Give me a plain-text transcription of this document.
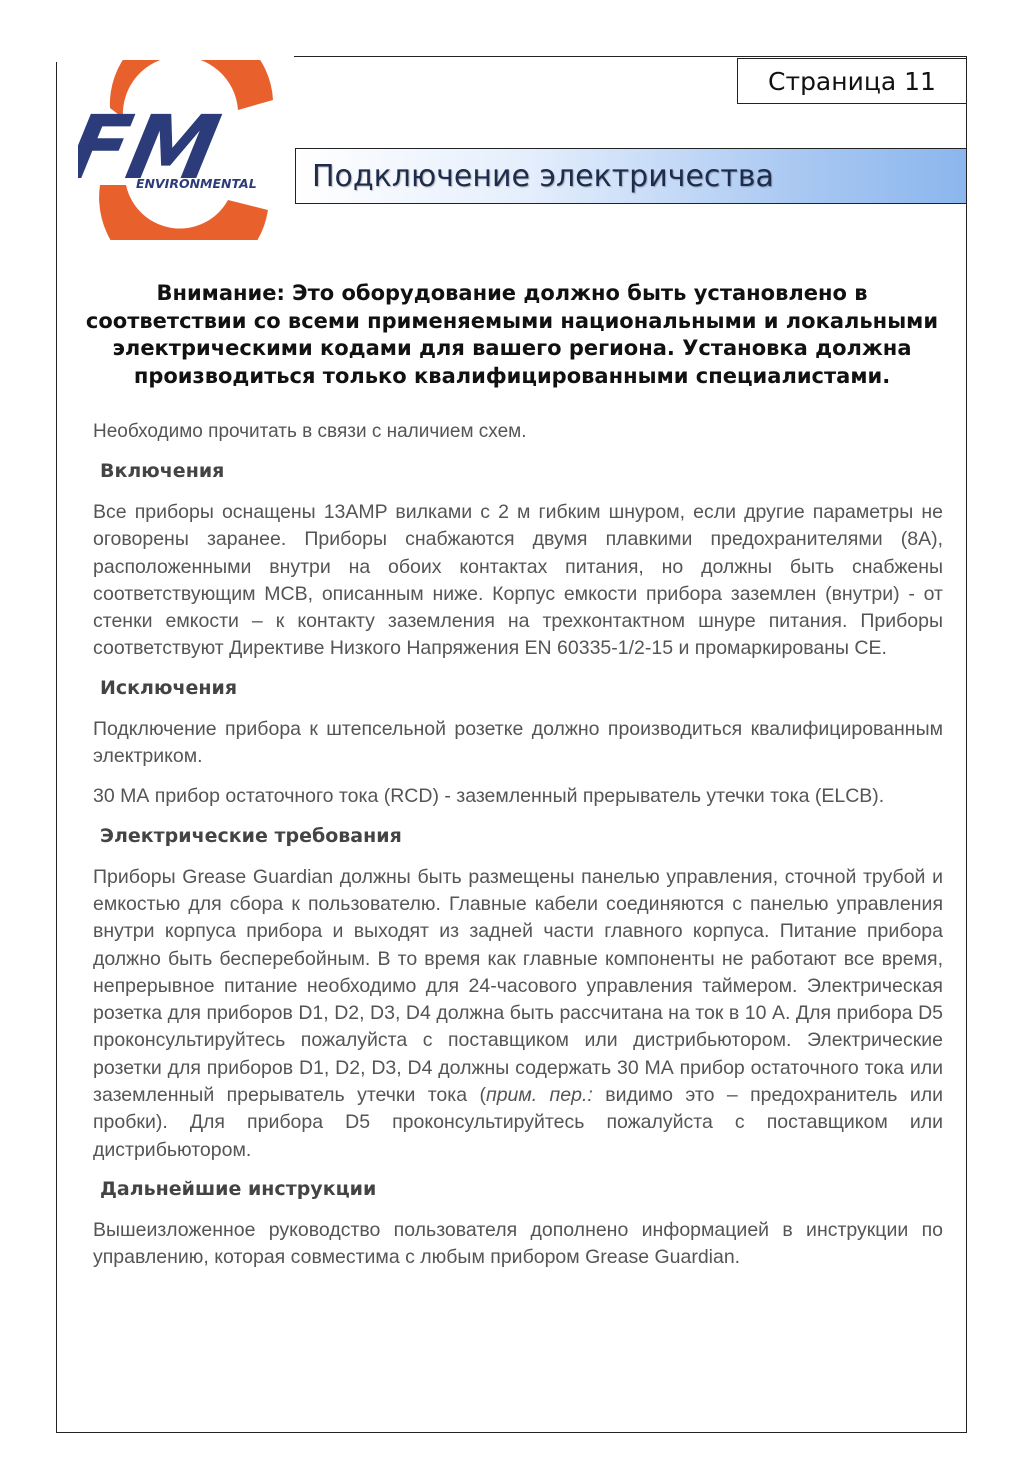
FM
ENVIRONMENTAL
Страница 11
Подключение электричества
Внимание: Это оборудование должно быть установлено в соответствии со всеми применяемыми национальными и локальными электрическими кодами для вашего региона. Установка должна производиться только квалифицированными специалистами.

Необходимо прочитать в связи с наличием схем.

Включения

Все приборы оснащены 13AMP вилками с 2 м гибким шнуром, если другие параметры не оговорены заранее. Приборы снабжаются двумя плавкими предохранителями (8А), расположенными внутри на обоих контактах питания, но должны быть снабжены соответствующим MCB, описанным ниже. Корпус емкости прибора заземлен (внутри) - от стенки емкости – к контакту заземления на трехконтактном шнуре питания. Приборы соответствуют Директиве Низкого Напряжения EN 60335-1/2-15 и промаркированы СЕ.

Исключения

Подключение прибора к штепсельной розетке должно производиться квалифицированным электриком.

30 МА прибор остаточного тока (RCD) - заземленный прерыватель утечки тока (ELCB).

Электрические требования

Приборы Grease Guardian должны быть размещены панелью управления, сточной трубой и емкостью для сбора к пользователю. Главные кабели соединяются с панелью управления внутри корпуса прибора и выходят из задней части главного корпуса. Питание прибора должно быть бесперебойным. В то время как главные компоненты не работают все время, непрерывное питание необходимо для 24-часового управления таймером. Электрическая розетка для приборов D1, D2, D3, D4 должна быть рассчитана на ток в 10 А. Для прибора D5 проконсультируйтесь пожалуйста с поставщиком или дистрибьютором. Электрические розетки для приборов D1, D2, D3, D4 должны содержать 30 МА прибор остаточного тока или заземленный прерыватель утечки тока (прим. пер.: видимо это – предохранитель или пробки). Для прибора D5 проконсультируйтесь пожалуйста с поставщиком или дистрибьютором.

Дальнейшие инструкции

Вышеизложенное руководство пользователя дополнено информацией в инструкции по управлению, которая совместима с любым прибором Grease Guardian.
